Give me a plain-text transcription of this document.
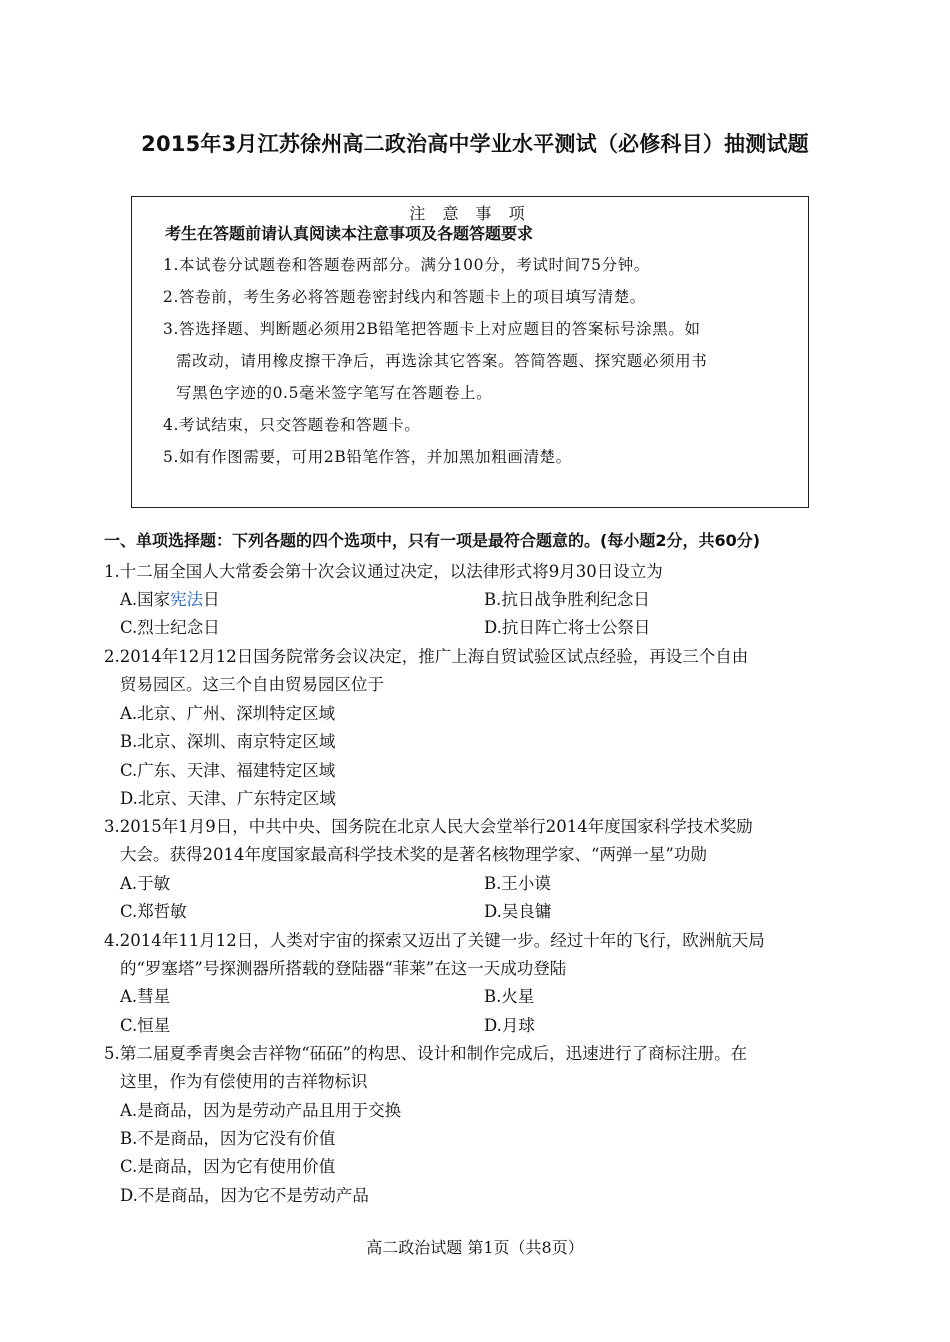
2015年3月江苏徐州高二政治高中学业水平测试（必修科目）抽测试题
注 意 事 项
考生在答题前请认真阅读本注意事项及各题答题要求
1.本试卷分试题卷和答题卷两部分。满分100分，考试时间75分钟。
2.答卷前，考生务必将答题卷密封线内和答题卡上的项目填写清楚。
3.答选择题、判断题必须用2B铅笔把答题卡上对应题目的答案标号涂黑。如
需改动，请用橡皮擦干净后，再选涂其它答案。答简答题、探究题必须用书
写黑色字迹的0.5毫米签字笔写在答题卷上。
4.考试结束，只交答题卷和答题卡。
5.如有作图需要，可用2B铅笔作答，并加黑加粗画清楚。
一、单项选择题：下列各题的四个选项中，只有一项是最符合题意的。(每小题2分，共60分)
1.十二届全国人大常委会第十次会议通过决定，以法律形式将9月30日设立为
A.国家宪法日	B.抗日战争胜利纪念日
C.烈士纪念日	D.抗日阵亡将士公祭日
2.2014年12月12日国务院常务会议决定，推广上海自贸试验区试点经验，再设三个自由
贸易园区。这三个自由贸易园区位于
A.北京、广州、深圳特定区域
B.北京、深圳、南京特定区域
C.广东、天津、福建特定区域
D.北京、天津、广东特定区域
3.2015年1月9日，中共中央、国务院在北京人民大会堂举行2014年度国家科学技术奖励
大会。获得2014年度国家最高科学技术奖的是著名核物理学家、“两弹一星”功勋
A.于敏	B.王小谟
C.郑哲敏	D.吴良镛
4.2014年11月12日，人类对宇宙的探索又迈出了关键一步。经过十年的飞行，欧洲航天局
的“罗塞塔”号探测器所搭载的登陆器“菲莱”在这一天成功登陆
A.彗星	B.火星
C.恒星	D.月球
5.第二届夏季青奥会吉祥物“砳砳”的构思、设计和制作完成后，迅速进行了商标注册。在
这里，作为有偿使用的吉祥物标识
A.是商品，因为是劳动产品且用于交换
B.不是商品，因为它没有价值
C.是商品，因为它有使用价值
D.不是商品，因为它不是劳动产品
高二政治试题 第1页（共8页）
